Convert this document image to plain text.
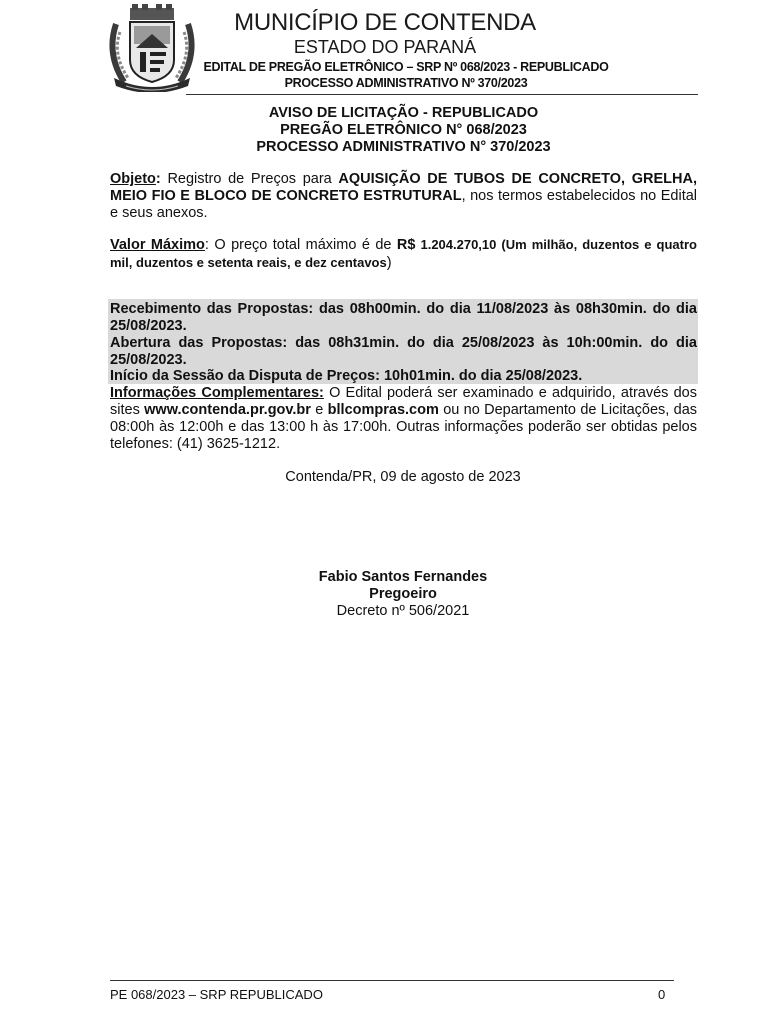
MUNICÍPIO DE CONTENDA
ESTADO DO PARANÁ
EDITAL DE PREGÃO ELETRÔNICO – SRP Nº 068/2023 - REPUBLICADO
PROCESSO ADMINISTRATIVO Nº 370/2023
AVISO DE LICITAÇÃO - REPUBLICADO
PREGÃO ELETRÔNICO N° 068/2023
PROCESSO ADMINISTRATIVO N° 370/2023
Objeto: Registro de Preços para AQUISIÇÃO DE TUBOS DE CONCRETO, GRELHA, MEIO FIO E BLOCO DE CONCRETO ESTRUTURAL, nos termos estabelecidos no Edital e seus anexos.
Valor Máximo: O preço total máximo é de R$ 1.204.270,10 (Um milhão, duzentos e quatro mil, duzentos e setenta reais, e dez centavos)
Recebimento das Propostas: das 08h00min. do dia 11/08/2023 às 08h30min. do dia 25/08/2023.
Abertura das Propostas: das 08h31min. do dia 25/08/2023 às 10h:00min. do dia 25/08/2023.
Início da Sessão da Disputa de Preços: 10h01min. do dia 25/08/2023.
Informações Complementares: O Edital poderá ser examinado e adquirido, através dos sites www.contenda.pr.gov.br e bllcompras.com ou no Departamento de Licitações, das 08:00h às 12:00h e das 13:00 h às 17:00h. Outras informações poderão ser obtidas pelos telefones: (41) 3625-1212.
Contenda/PR, 09 de agosto de 2023
Fabio Santos Fernandes
Pregoeiro
Decreto nº 506/2021
PE 068/2023 – SRP REPUBLICADO	0
